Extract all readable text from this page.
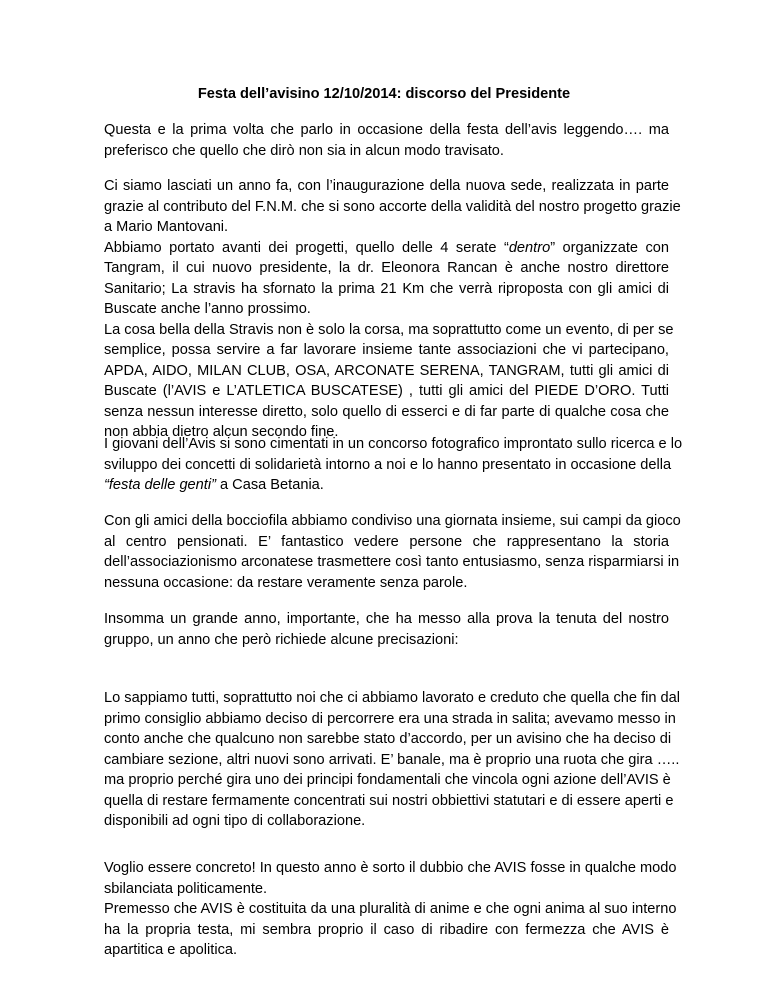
Festa dell’avisino 12/10/2014: discorso del Presidente

Questa e la prima volta che parlo in occasione della festa dell’avis leggendo…. ma
preferisco che quello che dirò non sia in alcun modo travisato.
Ci siamo lasciati un anno fa, con l’inaugurazione della nuova sede, realizzata in parte
grazie al contributo del F.N.M. che si sono accorte della validità del nostro progetto grazie
a Mario Mantovani.
Abbiamo portato avanti dei progetti, quello delle 4 serate “dentro” organizzate con
Tangram, il cui nuovo presidente, la dr. Eleonora Rancan è anche nostro direttore
Sanitario; La stravis ha sfornato la prima 21 Km che verrà riproposta con gli amici di
Buscate anche l’anno prossimo.
La cosa bella della Stravis non è solo la corsa, ma soprattutto come un evento, di per se
semplice, possa servire a far lavorare insieme tante associazioni che vi partecipano,
APDA, AIDO, MILAN CLUB, OSA, ARCONATE SERENA, TANGRAM, tutti gli amici di
Buscate (l’AVIS e L’ATLETICA BUSCATESE) , tutti gli amici del PIEDE D’ORO. Tutti
senza nessun interesse diretto, solo quello di esserci e di far parte di qualche cosa che
non abbia dietro alcun secondo fine.
I giovani dell’Avis si sono cimentati in un concorso fotografico improntato sullo ricerca e lo
sviluppo dei concetti di solidarietà intorno a noi e lo hanno presentato in occasione della
“festa delle genti” a Casa Betania.
Con gli amici della bocciofila abbiamo condiviso una giornata insieme, sui campi da gioco
al centro pensionati. E’ fantastico vedere persone che rappresentano la storia
dell’associazionismo arconatese trasmettere così tanto entusiasmo, senza risparmiarsi in
nessuna occasione: da restare veramente senza parole.
Insomma un grande anno, importante, che ha messo alla prova la tenuta del nostro
gruppo, un anno che però richiede alcune precisazioni:
Lo sappiamo tutti, soprattutto noi che ci abbiamo lavorato e creduto che quella che fin dal
primo consiglio abbiamo deciso di percorrere era una strada in salita; avevamo messo in
conto anche che qualcuno non sarebbe stato d’accordo, per un avisino che ha deciso di
cambiare sezione, altri nuovi sono arrivati. E’ banale, ma è proprio una ruota che gira …..
ma proprio perché gira uno dei principi fondamentali che vincola ogni azione dell’AVIS è
quella di restare fermamente concentrati sui nostri obbiettivi statutari e di essere aperti e
disponibili ad ogni tipo di collaborazione.
Voglio essere concreto! In questo anno è sorto il dubbio che AVIS fosse in qualche modo
sbilanciata politicamente.
Premesso che AVIS è costituita da una pluralità di anime e che ogni anima al suo interno
ha la propria testa, mi sembra proprio il caso di ribadire con fermezza che AVIS è
apartitica e apolitica.
